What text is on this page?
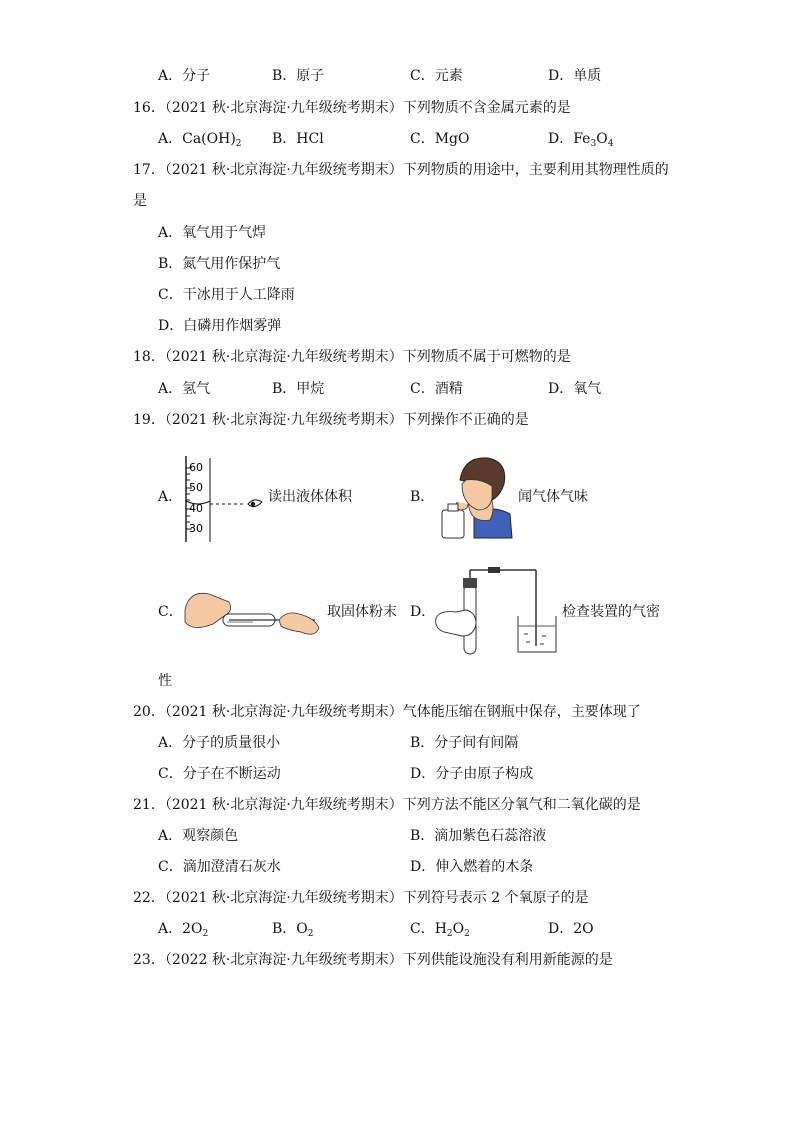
A．分子	B．原子	C．元素	D．单质
16．（2021 秋·北京海淀·九年级统考期末）下列物质不含金属元素的是
A．$Ca(OH)_2$ B．HCl	C．MgO	D．$Fe_3O_4$
17．（2021 秋·北京海淀·九年级统考期末）下列物质的用途中，主要利用其物理性质的
是
A．氧气用于气焊
B．氮气用作保护气
C．干冰用于人工降雨
D．白磷用作烟雾弹
18．（2021 秋·北京海淀·九年级统考期末）下列物质不属于可燃物的是
A．氢气	B．甲烷	C．酒精	D．氧气
19．（2021 秋·北京海淀·九年级统考期末）下列操作不正确的是
A．
60
50
40
30
读出液体体积	B．	闻气体气味
C．	取固体粉末 D．	检查装置的气密
性
20．（2021 秋·北京海淀·九年级统考期末）气体能压缩在钢瓶中保存，主要体现了
A．分子的质量很小	B．分子间有间隔
C．分子在不断运动	D．分子由原子构成
21．（2021 秋·北京海淀·九年级统考期末）下列方法不能区分氧气和二氧化碳的是
A．观察颜色	B．滴加紫色石蕊溶液
C．滴加澄清石灰水	D．伸入燃着的木条
22．（2021 秋·北京海淀·九年级统考期末）下列符号表示 2 个氧原子的是
A．$2O_2$	B．$O_2$	C．$H_2O_2$	D．2O
23．（2022 秋·北京海淀·九年级统考期末）下列供能设施没有利用新能源的是
